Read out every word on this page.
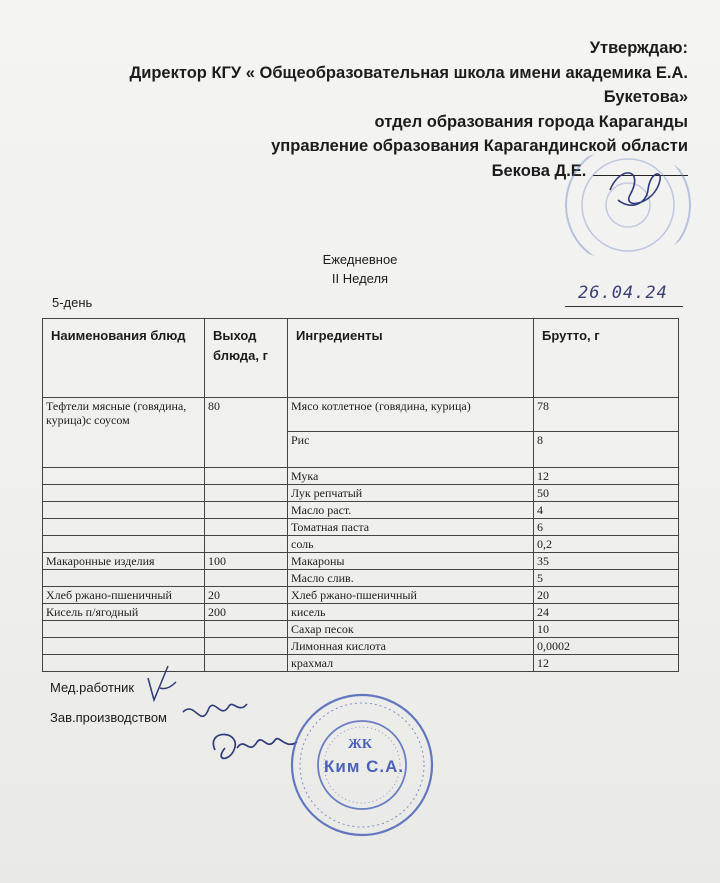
Утверждаю:
Директор КГУ « Общеобразовательная школа имени академика Е.А.
Букетова»
отдел образования города Караганды
управление образования Карагандинской области
Бекова Д.Е.
Ежедневное
II Неделя
5-день	26.04.24
Наименования блюд	Выход блюда, г	Ингредиенты	Брутто, г
Тефтели мясные (говядина, курица)с соусом	80	Мясо котлетное (говядина, курица)	78
		Рис	8
		Мука	12
		Лук репчатый	50
		Масло раст.	4
		Томатная паста	6
		соль	0,2
Макаронные изделия	100	Макароны	35
		Масло слив.	5
Хлеб ржано-пшеничный	20	Хлеб ржано-пшеничный	20
Кисель п/ягодный	200	кисель	24
		Сахар песок	10
		Лимонная кислота	0,0002
		крахмал	12
Мед.работник
Зав.производством
ЖК
Ким С.А.
